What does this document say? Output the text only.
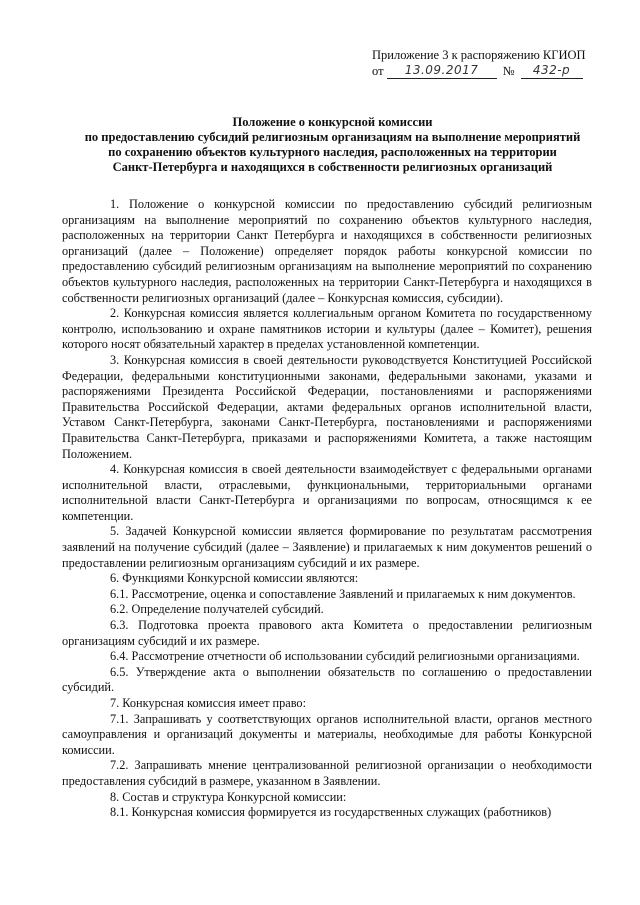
Приложение 3 к распоряжению КГИОП
от	13.09.2017	№	432-р
Положение о конкурсной комиссии
по предоставлению субсидий религиозным организациям на выполнение мероприятий
по сохранению объектов культурного наследия, расположенных на территории
Санкт-Петербурга и находящихся в собственности религиозных организаций

1. Положение о конкурсной комиссии по предоставлению субсидий религиозным организациям на выполнение мероприятий по сохранению объектов культурного наследия, расположенных на территории Санкт Петербурга и находящихся в собственности религиозных организаций (далее – Положение) определяет порядок работы конкурсной комиссии по предоставлению субсидий религиозным организациям на выполнение мероприятий по сохранению объектов культурного наследия, расположенных на территории Санкт-Петербурга и находящихся в собственности религиозных организаций (далее – Конкурсная комиссия, субсидии).

2. Конкурсная комиссия является коллегиальным органом Комитета по государственному контролю, использованию и охране памятников истории и культуры (далее – Комитет), решения которого носят обязательный характер в пределах установленной компетенции.

3. Конкурсная комиссия в своей деятельности руководствуется Конституцией Российской Федерации, федеральными конституционными законами, федеральными законами, указами и распоряжениями Президента Российской Федерации, постановлениями и распоряжениями Правительства Российской Федерации, актами федеральных органов исполнительной власти, Уставом Санкт-Петербурга, законами Санкт-Петербурга, постановлениями и распоряжениями Правительства Санкт-Петербурга, приказами и распоряжениями Комитета, а также настоящим Положением.

4. Конкурсная комиссия в своей деятельности взаимодействует с федеральными органами исполнительной власти, отраслевыми, функциональными, территориальными органами исполнительной власти Санкт-Петербурга и организациями по вопросам, относящимся к ее компетенции.

5. Задачей Конкурсной комиссии является формирование по результатам рассмотрения заявлений на получение субсидий (далее – Заявление) и прилагаемых к ним документов решений о предоставлении религиозным организациям субсидий и их размере.

6. Функциями Конкурсной комиссии являются:

6.1. Рассмотрение, оценка и сопоставление Заявлений и прилагаемых к ним документов.

6.2. Определение получателей субсидий.

6.3. Подготовка проекта правового акта Комитета о предоставлении религиозным организациям субсидий и их размере.

6.4. Рассмотрение отчетности об использовании субсидий религиозными организациями.

6.5. Утверждение акта о выполнении обязательств по соглашению о предоставлении субсидий.

7. Конкурсная комиссия имеет право:

7.1. Запрашивать у соответствующих органов исполнительной власти, органов местного самоуправления и организаций документы и материалы, необходимые для работы Конкурсной комиссии.

7.2. Запрашивать мнение централизованной религиозной организации о необходимости предоставления субсидий в размере, указанном в Заявлении.

8. Состав и структура Конкурсной комиссии:

8.1. Конкурсная комиссия формируется из государственных служащих (работников)
